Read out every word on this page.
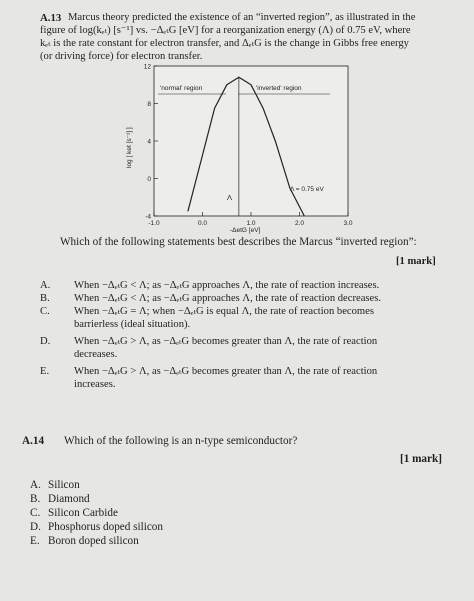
A.13 Marcus theory predicted the existence of an “inverted region”, as illustrated in the
figure of log(kₑₜ) [s⁻¹] vs. −ΔₑₜG [eV] for a reorganization energy (Λ) of 0.75 eV, where
kₑₜ is the rate constant for electron transfer, and ΔₑₜG is the change in Gibbs free energy
(or driving force) for electron transfer.
12
8
4
0
-4
-1.0	0.0	1.0	2.0	3.0
'normal' region	'inverted' region
Λ
Λ = 0.75 eV
log [ ket [s⁻¹] ]
-ΔetG [eV]
Which of the following statements best describes the Marcus “inverted region”:
[1 mark]
A. When −ΔₑₜG < Λ; as −ΔₑₜG approaches Λ, the rate of reaction increases.
B. When −ΔₑₜG < Λ; as −ΔₑₜG approaches Λ, the rate of reaction decreases.
C. When −ΔₑₜG = Λ; when −ΔₑₜG is equal Λ, the rate of reaction becomes
barrierless (ideal situation).
D. When −ΔₑₜG > Λ, as −ΔₑₜG becomes greater than Λ, the rate of reaction
decreases.
E. When −ΔₑₜG > Λ, as −ΔₑₜG becomes greater than Λ, the rate of reaction
increases.
A.14 Which of the following is an n-type semiconductor?
[1 mark]
A. Silicon
B. Diamond
C. Silicon Carbide
D. Phosphorus doped silicon
E. Boron doped silicon
